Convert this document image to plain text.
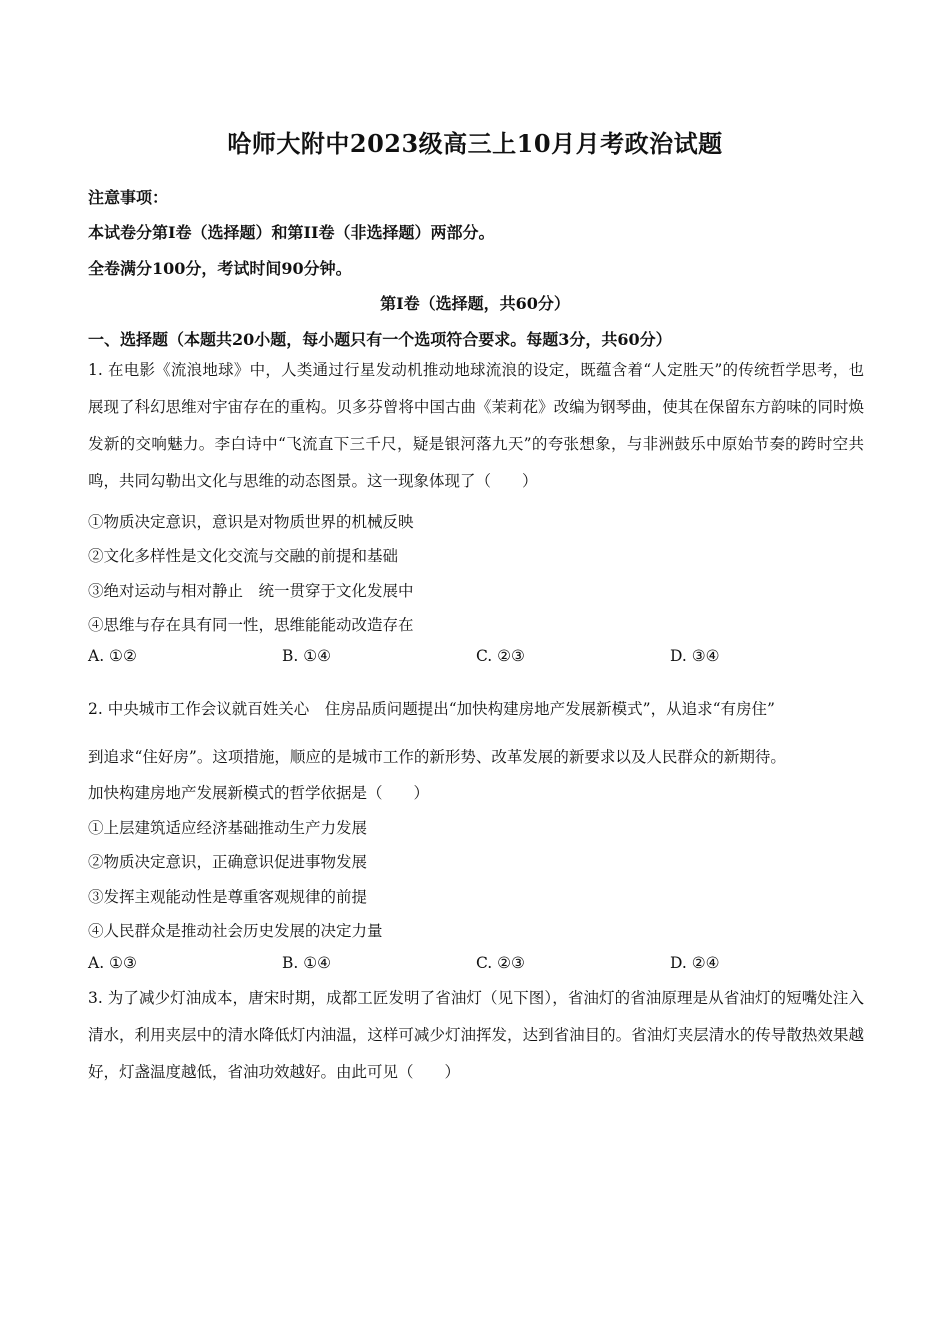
哈师大附中2023级高三上10月月考政治试题
注意事项：
本试卷分第Ⅰ卷（选择题）和第II卷（非选择题）两部分。
全卷满分100分，考试时间90分钟。
第Ⅰ卷（选择题，共60分）
一、选择题（本题共20小题，每小题只有一个选项符合要求。每题3分，共60分）
1. 在电影《流浪地球》中，人类通过行星发动机推动地球流浪的设定，既蕴含着“人定胜天”的传统哲学思考，也展现了科幻思维对宇宙存在的重构。贝多芬曾将中国古曲《茉莉花》改编为钢琴曲，使其在保留东方韵味的同时焕发新的交响魅力。李白诗中“飞流直下三千尺，疑是银河落九天”的夸张想象，与非洲鼓乐中原始节奏的跨时空共鸣，共同勾勒出文化与思维的动态图景。这一现象体现了（　　）
①物质决定意识，意识是对物质世界的机械反映
②文化多样性是文化交流与交融的前提和基础
③绝对运动与相对静止　统一贯穿于文化发展中
④思维与存在具有同一性，思维能能动改造存在
A. ①②	B. ①④	C. ②③	D. ③④
2. 中央城市工作会议就百姓关心　住房品质问题提出“加快构建房地产发展新模式”，从追求“有房住”
到追求“住好房”。这项措施，顺应的是城市工作的新形势、改革发展的新要求以及人民群众的新期待。
加快构建房地产发展新模式的哲学依据是（　　）
①上层建筑适应经济基础推动生产力发展
②物质决定意识，正确意识促进事物发展
③发挥主观能动性是尊重客观规律的前提
④人民群众是推动社会历史发展的决定力量
A. ①③	B. ①④	C. ②③	D. ②④
3. 为了减少灯油成本，唐宋时期，成都工匠发明了省油灯（见下图），省油灯的省油原理是从省油灯的短嘴处注入清水，利用夹层中的清水降低灯内油温，这样可减少灯油挥发，达到省油目的。省油灯夹层清水的传导散热效果越好，灯盏温度越低，省油功效越好。由此可见（　　）
